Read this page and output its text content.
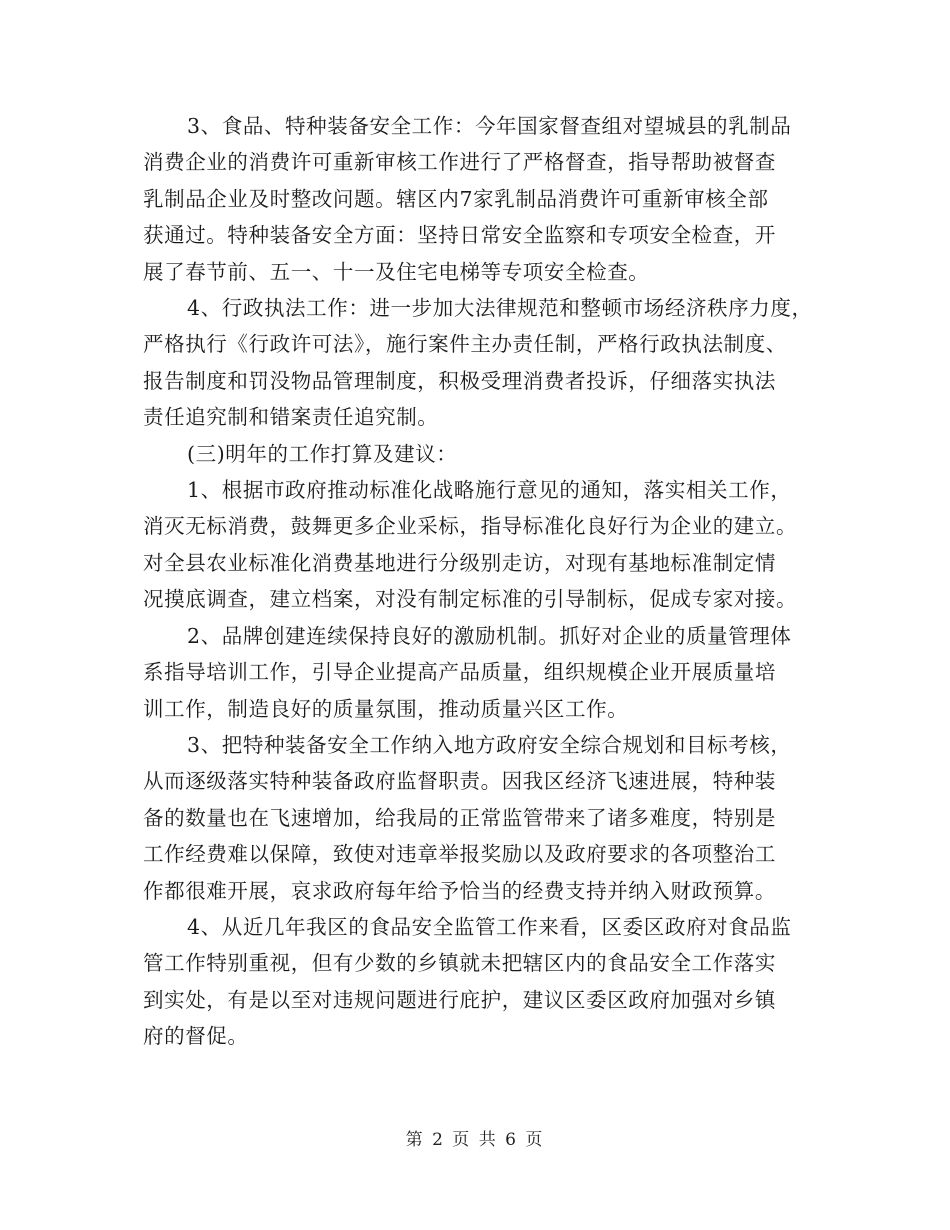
3、食品、特种装备安全工作：今年国家督查组对望城县的乳制品
消费企业的消费许可重新审核工作进行了严格督查，指导帮助被督查
乳制品企业及时整改问题。辖区内7家乳制品消费许可重新审核全部
获通过。特种装备安全方面：坚持日常安全监察和专项安全检查，开
展了春节前、五一、十一及住宅电梯等专项安全检查。
4、行政执法工作：进一步加大法律规范和整顿市场经济秩序力度，
严格执行《行政许可法》，施行案件主办责任制，严格行政执法制度、
报告制度和罚没物品管理制度，积极受理消费者投诉，仔细落实执法
责任追究制和错案责任追究制。
(三)明年的工作打算及建议：
1、根据市政府推动标准化战略施行意见的通知，落实相关工作，
消灭无标消费，鼓舞更多企业采标，指导标准化良好行为企业的建立。
对全县农业标准化消费基地进行分级别走访，对现有基地标准制定情
况摸底调查，建立档案，对没有制定标准的引导制标，促成专家对接。
2、品牌创建连续保持良好的激励机制。抓好对企业的质量管理体
系指导培训工作，引导企业提高产品质量，组织规模企业开展质量培
训工作，制造良好的质量氛围，推动质量兴区工作。
3、把特种装备安全工作纳入地方政府安全综合规划和目标考核，
从而逐级落实特种装备政府监督职责。因我区经济飞速进展，特种装
备的数量也在飞速增加，给我局的正常监管带来了诸多难度，特别是
工作经费难以保障，致使对违章举报奖励以及政府要求的各项整治工
作都很难开展，哀求政府每年给予恰当的经费支持并纳入财政预算。
4、从近几年我区的食品安全监管工作来看，区委区政府对食品监
管工作特别重视，但有少数的乡镇就未把辖区内的食品安全工作落实
到实处，有是以至对违规问题进行庇护，建议区委区政府加强对乡镇
府的督促。
第 2 页 共 6 页
